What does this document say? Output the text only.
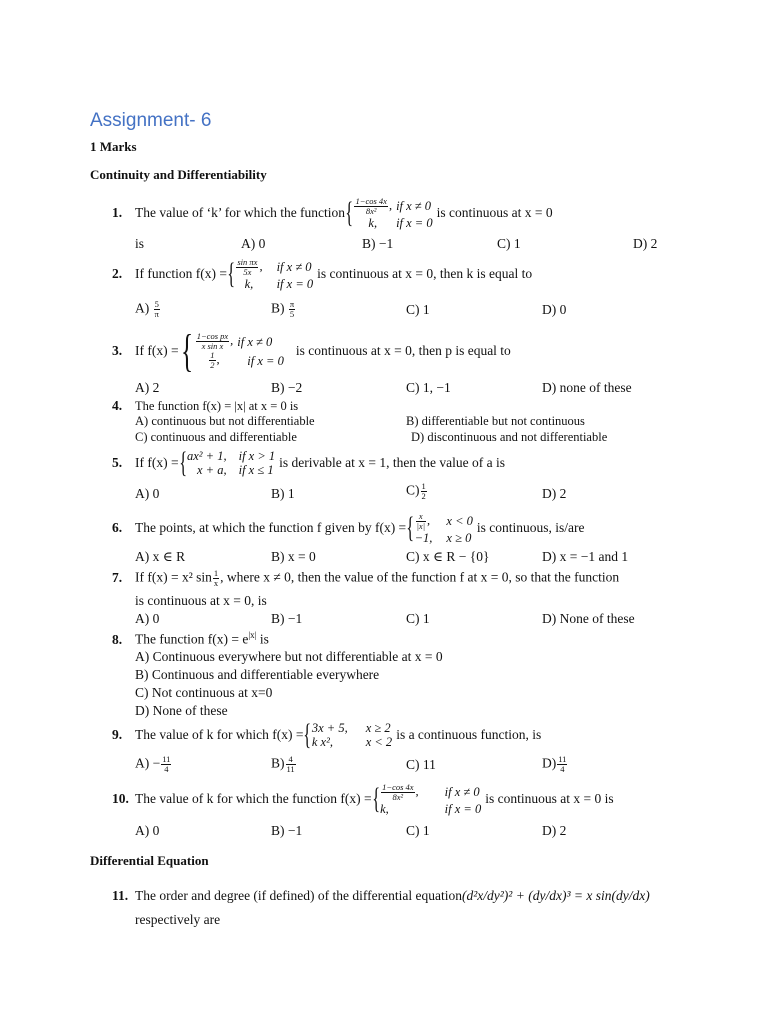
Assignment- 6
1 Marks
Continuity and Differentiability
1. The value of ‘k’ for which the function { $\frac{1-\cos 4x}{\text{8x²}}$ ,	if x ≠ 0
k,	if x = 0
is continuous at x = 0
is	A) 0	B) −1	C) 1	D) 2
2. If function f(x) = { $\frac{\text{sin πx}}{5x}$ ,	if x ≠ 0
k,	if x = 0
is continuous at x = 0, then k is equal to
$A) \frac{5}{\pi}$	$B) \frac{\pi}{5}$	C) 1	D) 0
3. If f(x) = { $\frac{\text{1−cos px}}{\text{x sin x}}$ ,	if x ≠ 0

$\frac{1}{2}$ ,	if x = 0
is continuous at x = 0, then p is equal to
A) 2	B) −2	C) 1, −1	D) none of these
4. The function f(x) = |x| at x = 0 is
A) continuous but not differentiable	B) differentiable but not continuous
C) continuous and differentiable	D) discontinuous and not differentiable
5. If f(x) = { ax² + 1,	if x > 1
x + a,	if x ≤ 1 is derivable at x = 1, then the value of a is
A) 0	B) 1	$C) \frac{1}{2}$	D) 2
6. The points, at which the function f given by f(x) = { $\frac{x}{|x|}$ ,	x < 0
−1,	x ≥ 0
is continuous, is/are
A) x ∈ R	B) x = 0	C) x ∈ R − {0}	D) x = −1 and 1
7. If f(x) = x² $\sin \frac{1}{x}$ , where x ≠ 0, then the value of the function f at x = 0, so that the function
is continuous at x = 0, is
A) 0	B) −1	C) 1	D) None of these
8. The function $f(x) = e^{|x|}$ is
A) Continuous everywhere but not differentiable at x = 0
B) Continuous and differentiable everywhere
C) Not continuous at x=0
D) None of these
9. The value of k for which f(x) = { 3x + 5,	x ≥ 2
k x²,	x < 2 is a continuous function, is
$A) - \frac{11}{4}$	$B) \frac{4}{11}$	C) 11	$D) \frac{11}{4}$
10. The value of k for which the function f(x) = { $\frac{1-\cos 4x}{\text{8x²}}$ ,	if x ≠ 0
k,	if x = 0
is continuous at x = 0 is
A) 0	B) −1	C) 1	D) 2
Differential Equation
11. The order and degree (if defined) of the differential equation (d²x/dy²)² + (dy/dx)³ = x sin(dy/dx)
respectively are
